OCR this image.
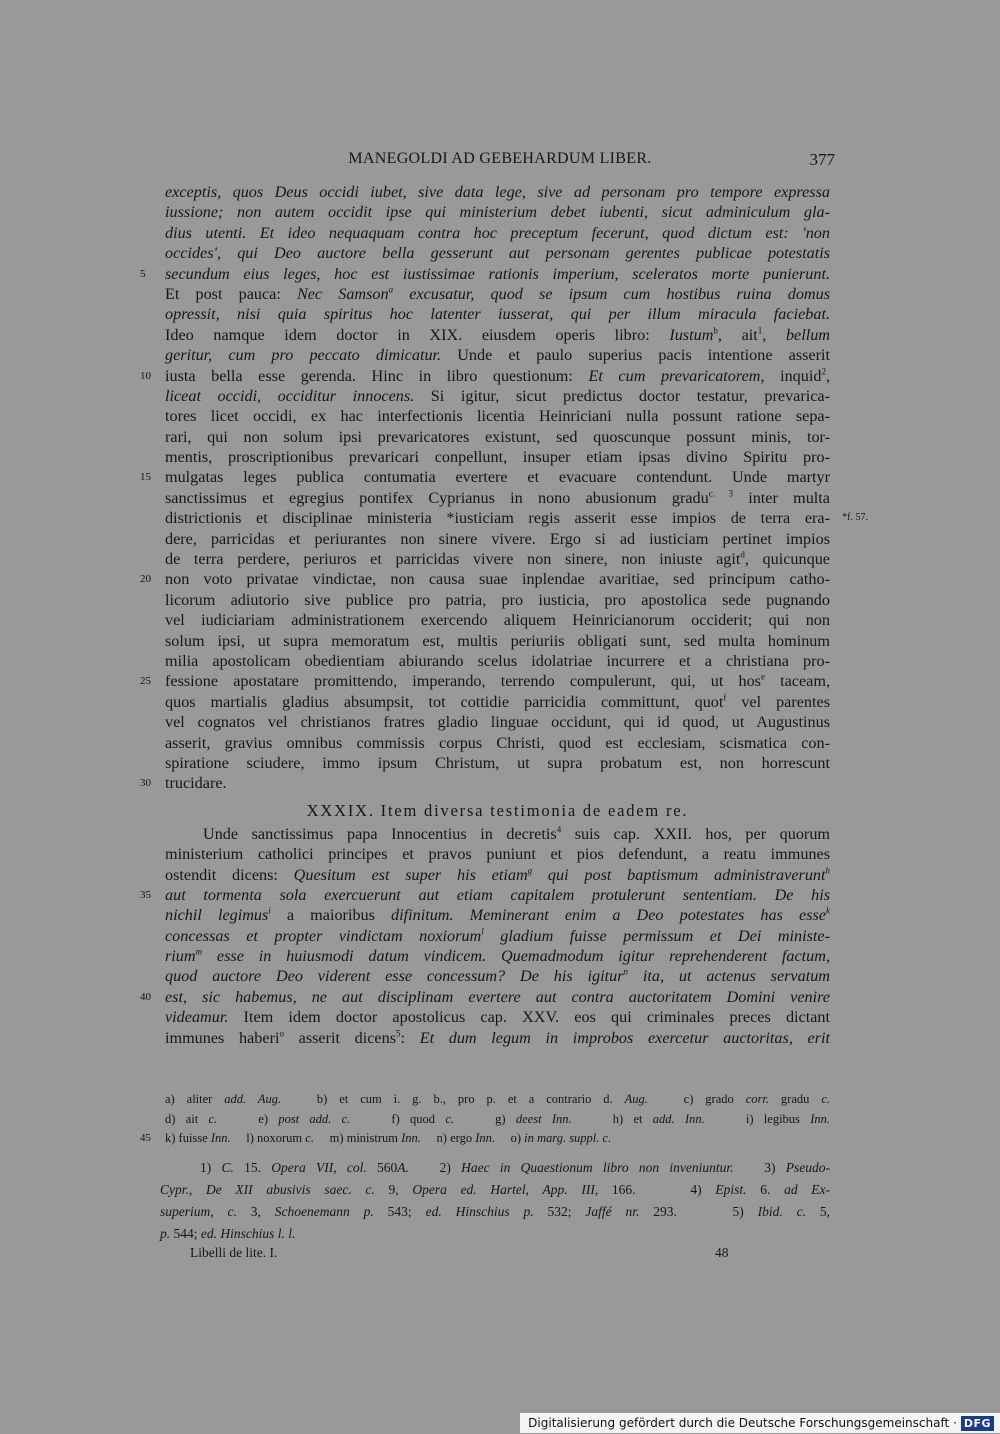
MANEGOLDI AD GEBEHARDUM LIBER.	377
exceptis, quos Deus occidi iubet, sive data lege, sive ad personam pro tempore expressa
iussione; non autem occidit ipse qui ministerium debet iubenti, sicut adminiculum gla-
dius utenti. Et ideo nequaquam contra hoc preceptum fecerunt, quod dictum est: 'non
occides', qui Deo auctore bella gesserunt aut personam gerentes publicae potestatis
5	secundum eius leges, hoc est iustissimae rationis imperium, sceleratos morte punierunt.
Et post pauca: Nec Samson$^a$ excusatur, quod se ipsum cum hostibus ruina domus
opressit, nisi quia spiritus hoc latenter iusserat, qui per illum miracula faciebat.
Ideo namque idem doctor in XIX. eiusdem operis libro: Iustum$^b$, ait$^1$, bellum
geritur, cum pro peccato dimicatur. Unde et paulo superius pacis intentione asserit
10 iusta bella esse gerenda. Hinc in libro questionum: Et cum prevaricatorem, inquid$^2$,
liceat occidi, occiditur innocens. Si igitur, sicut predictus doctor testatur, prevarica-
tores licet occidi, ex hac interfectionis licentia Heinriciani nulla possunt ratione sepa-
rari, qui non solum ipsi prevaricatores existunt, sed quoscunque possunt minis, tor-
mentis, proscriptionibus prevaricari conpellunt, insuper etiam ipsas divino Spiritu pro-
15 mulgatas leges publica contumatia evertere et evacuare contendunt. Unde martyr
sanctissimus et egregius pontifex Cyprianus in nono abusionum gradu$^{c. 3}$ inter multa
*f. 57.
districtionis et disciplinae ministeria *iusticiam regis asserit esse impios de terra era-
dere, parricidas et periurantes non sinere vivere. Ergo si ad iusticiam pertinet impios
de terra perdere, periuros et parricidas vivere non sinere, non iniuste agit$^d$, quicunque
20 non voto privatae vindictae, non causa suae inplendae avaritiae, sed principum catho-
licorum adiutorio sive publice pro patria, pro iusticia, pro apostolica sede pugnando
vel iudiciariam administrationem exercendo aliquem Heinricianorum occiderit; qui non
solum ipsi, ut supra memoratum est, multis periuriis obligati sunt, sed multa hominum
milia apostolicam obedientiam abiurando scelus idolatriae incurrere et a christiana pro-
25 fessione apostatare promittendo, imperando, terrendo compulerunt, qui, ut hos$^e$ taceam,
quos martialis gladius absumpsit, tot cottidie parricidia committunt, quot$^f$ vel parentes
vel cognatos vel christianos fratres gladio linguae occidunt, qui id quod, ut Augustinus
asserit, gravius omnibus commissis corpus Christi, quod est ecclesiam, scismatica con-
spiratione sciudere, immo ipsum Christum, ut supra probatum est, non horrescunt
30 trucidare.
XXXIX. Item diversa testimonia de eadem re.
Unde sanctissimus papa Innocentius in decretis$^4$ suis cap. XXII. hos, per quorum
ministerium catholici principes et pravos puniunt et pios defendunt, a reatu immunes
ostendit dicens: Quesitum est super his etiam$^g$ qui post baptismum administraverunt$^h$
35 aut tormenta sola exercuerunt aut etiam capitalem protulerunt sententiam. De his
nichil legimus$^i$ a maioribus difinitum. Meminerant enim a Deo potestates has esse$^k$
concessas et propter vindictam noxiorum$^l$ gladium fuisse permissum et Dei ministe-
rium$^m$ esse in huiusmodi datum vindicem. Quemadmodum igitur reprehenderent factum,
quod auctore Deo viderent esse concessum? De his igitur$^n$ ita, ut actenus servatum
40 est, sic habemus, ne aut disciplinam evertere aut contra auctoritatem Domini venire
videamur. Item idem doctor apostolicus cap. XXV. eos qui criminales preces dictant
immunes haberi$^o$ asserit dicens$^5$: Et dum legum in improbos exercetur auctoritas, erit
a) aliter add. Aug.   b) et cum i. g. b., pro p. et a contrario d. Aug.   c) grado corr. gradu c.
d) ait c.    e) post add. c.    f) quod c.    g) deest Inn.    h) et add. Inn.    i) legibus Inn.
45	k) fuisse Inn.     l) noxorum c.     m) ministrum Inn.     n) ergo Inn.     o) in marg. suppl. c.
1) C. 15. Opera VII, col. 560A.   2) Haec in Quaestionum libro non inveniuntur.   3) Pseudo-
Cypr., De XII abusivis saec. c. 9, Opera ed. Hartel, App. III, 166.    4) Epist. 6. ad Ex-
superium, c. 3, Schoenemann p. 543; ed. Hinschius p. 532; Jaffé nr. 293.    5) Ibid. c. 5,
p. 544; ed. Hinschius l. l.
Libelli de lite. I.	48
Digitalisierung gefördert durch die Deutsche Forschungsgemeinschaft · DFG
